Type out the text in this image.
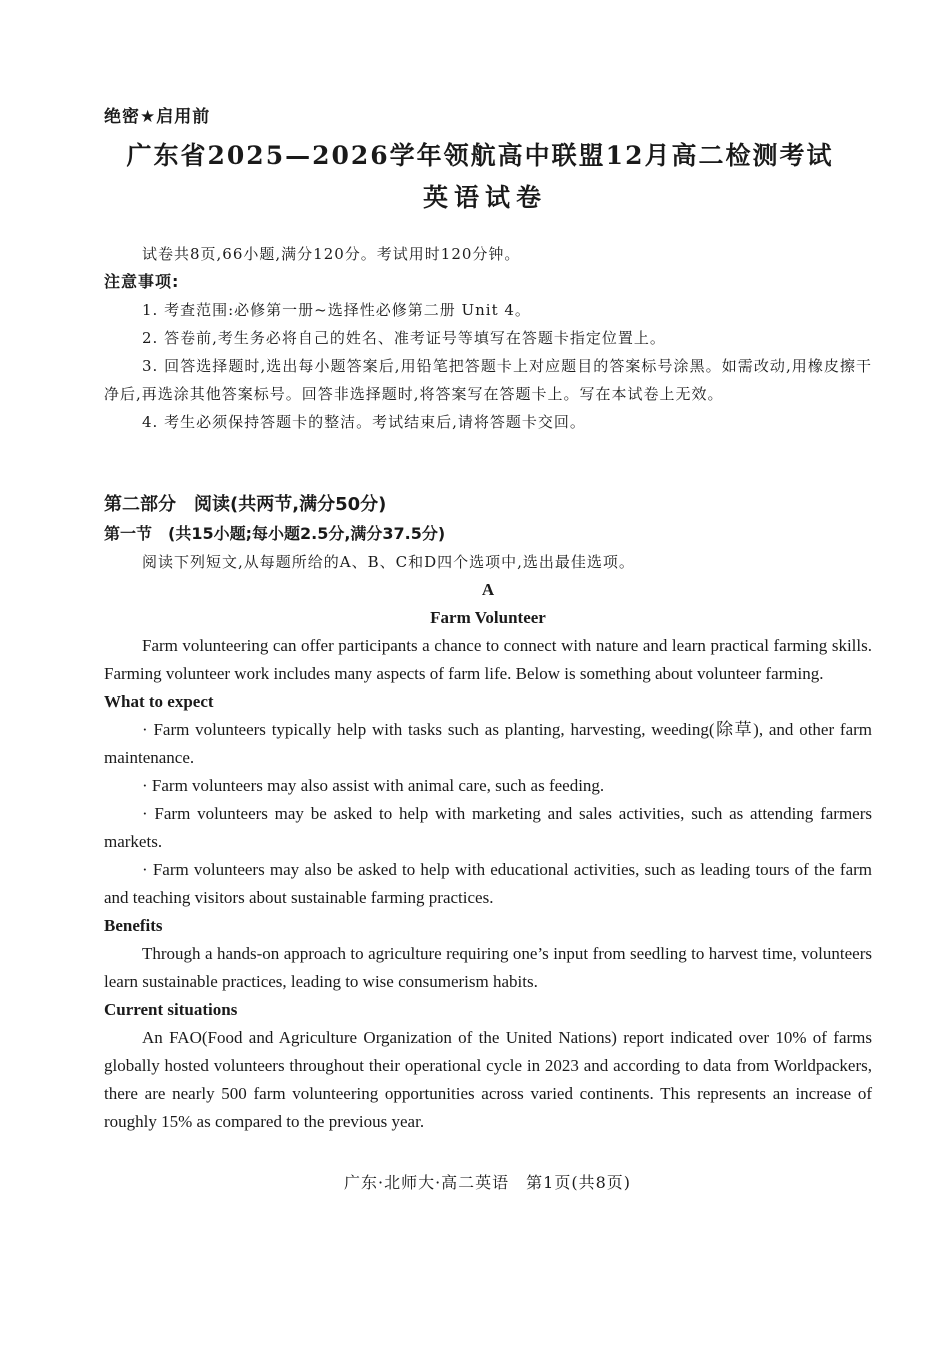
绝密★启用前
广东省2025—2026学年领航高中联盟12月高二检测考试
英语试卷
试卷共8页,66小题,满分120分。考试用时120分钟。
注意事项:
1. 考查范围:必修第一册~选择性必修第二册 Unit 4。
2. 答卷前,考生务必将自己的姓名、准考证号等填写在答题卡指定位置上。
3. 回答选择题时,选出每小题答案后,用铅笔把答题卡上对应题目的答案标号涂黑。如需改动,用橡皮擦干净后,再选涂其他答案标号。回答非选择题时,将答案写在答题卡上。写在本试卷上无效。
4. 考生必须保持答题卡的整洁。考试结束后,请将答题卡交回。
第二部分　阅读(共两节,满分50分)
第一节　(共15小题;每小题2.5分,满分37.5分)
阅读下列短文,从每题所给的A、B、C和D四个选项中,选出最佳选项。
A
Farm Volunteer
Farm volunteering can offer participants a chance to connect with nature and learn practical farming skills. Farming volunteer work includes many aspects of farm life. Below is something about volunteer farming.
What to expect
· Farm volunteers typically help with tasks such as planting, harvesting, weeding(除草), and other farm maintenance.
· Farm volunteers may also assist with animal care, such as feeding.
· Farm volunteers may be asked to help with marketing and sales activities, such as attending farmers markets.
· Farm volunteers may also be asked to help with educational activities, such as leading tours of the farm and teaching visitors about sustainable farming practices.
Benefits
Through a hands-on approach to agriculture requiring one’s input from seedling to harvest time, volunteers learn sustainable practices, leading to wise consumerism habits.
Current situations
An FAO(Food and Agriculture Organization of the United Nations) report indicated over 10% of farms globally hosted volunteers throughout their operational cycle in 2023 and according to data from Worldpackers, there are nearly 500 farm volunteering opportunities across varied continents. This represents an increase of roughly 15% as compared to the previous year.
广东·北师大·高二英语　第1页(共8页)
